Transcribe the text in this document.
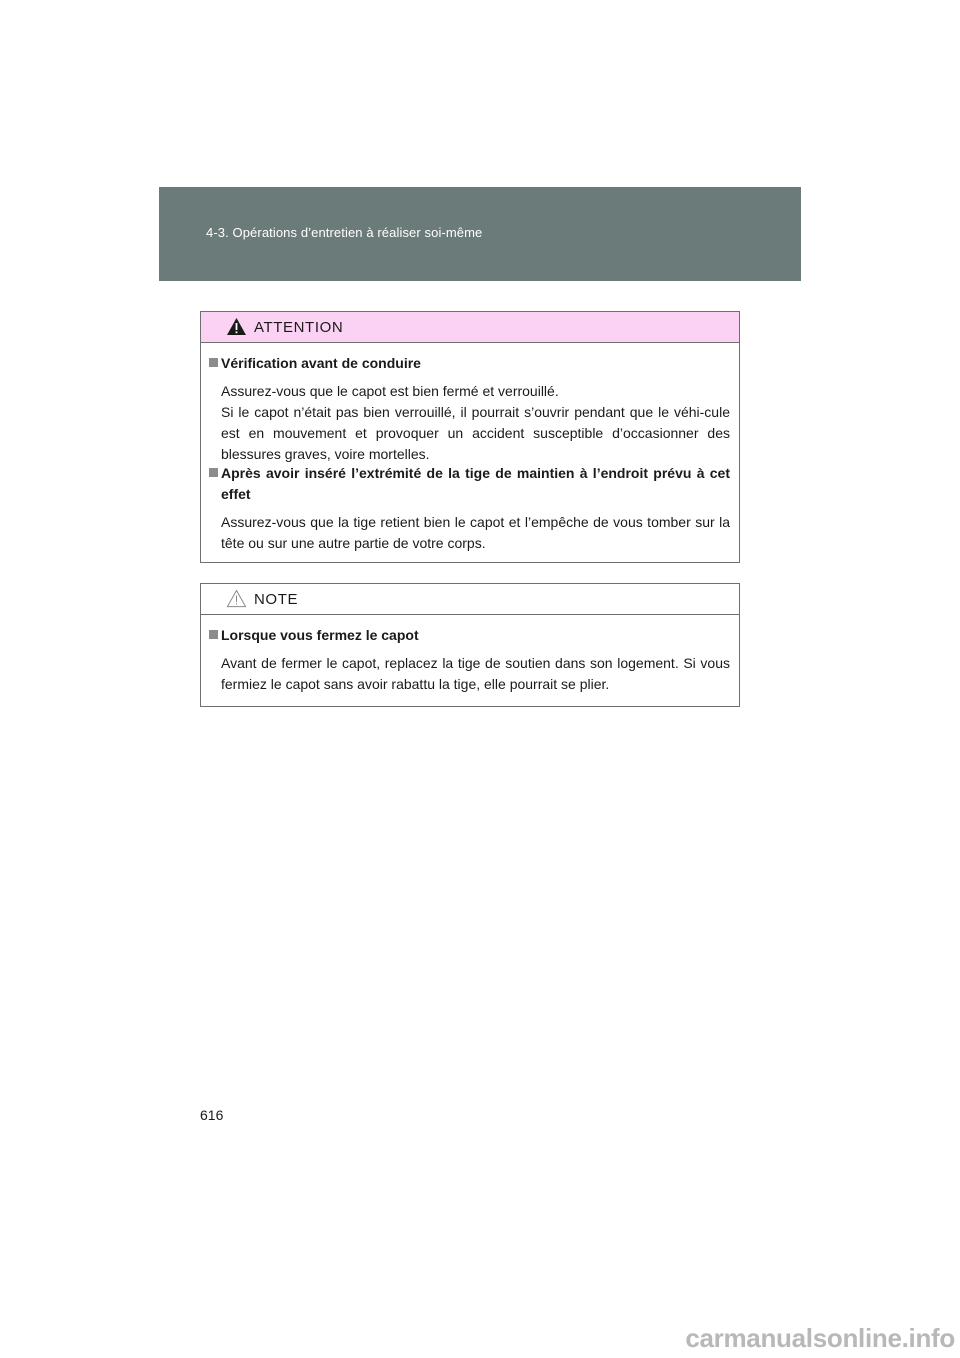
4-3. Opérations d’entretien à réaliser soi-même
ATTENTION
Vérification avant de conduire

Assurez-vous que le capot est bien fermé et verrouillé.

Si le capot n’était pas bien verrouillé, il pourrait s’ouvrir pendant que le véhi-cule est en mouvement et provoquer un accident susceptible d’occasionner des blessures graves, voire mortelles.

Après avoir inséré l’extrémité de la tige de maintien à l’endroit prévu à cet effet

Assurez-vous que la tige retient bien le capot et l’empêche de vous tomber sur la tête ou sur une autre partie de votre corps.

NOTE
Lorsque vous fermez le capot

Avant de fermer le capot, replacez la tige de soutien dans son logement. Si vous fermiez le capot sans avoir rabattu la tige, elle pourrait se plier.

616
carmanualsonline.info
